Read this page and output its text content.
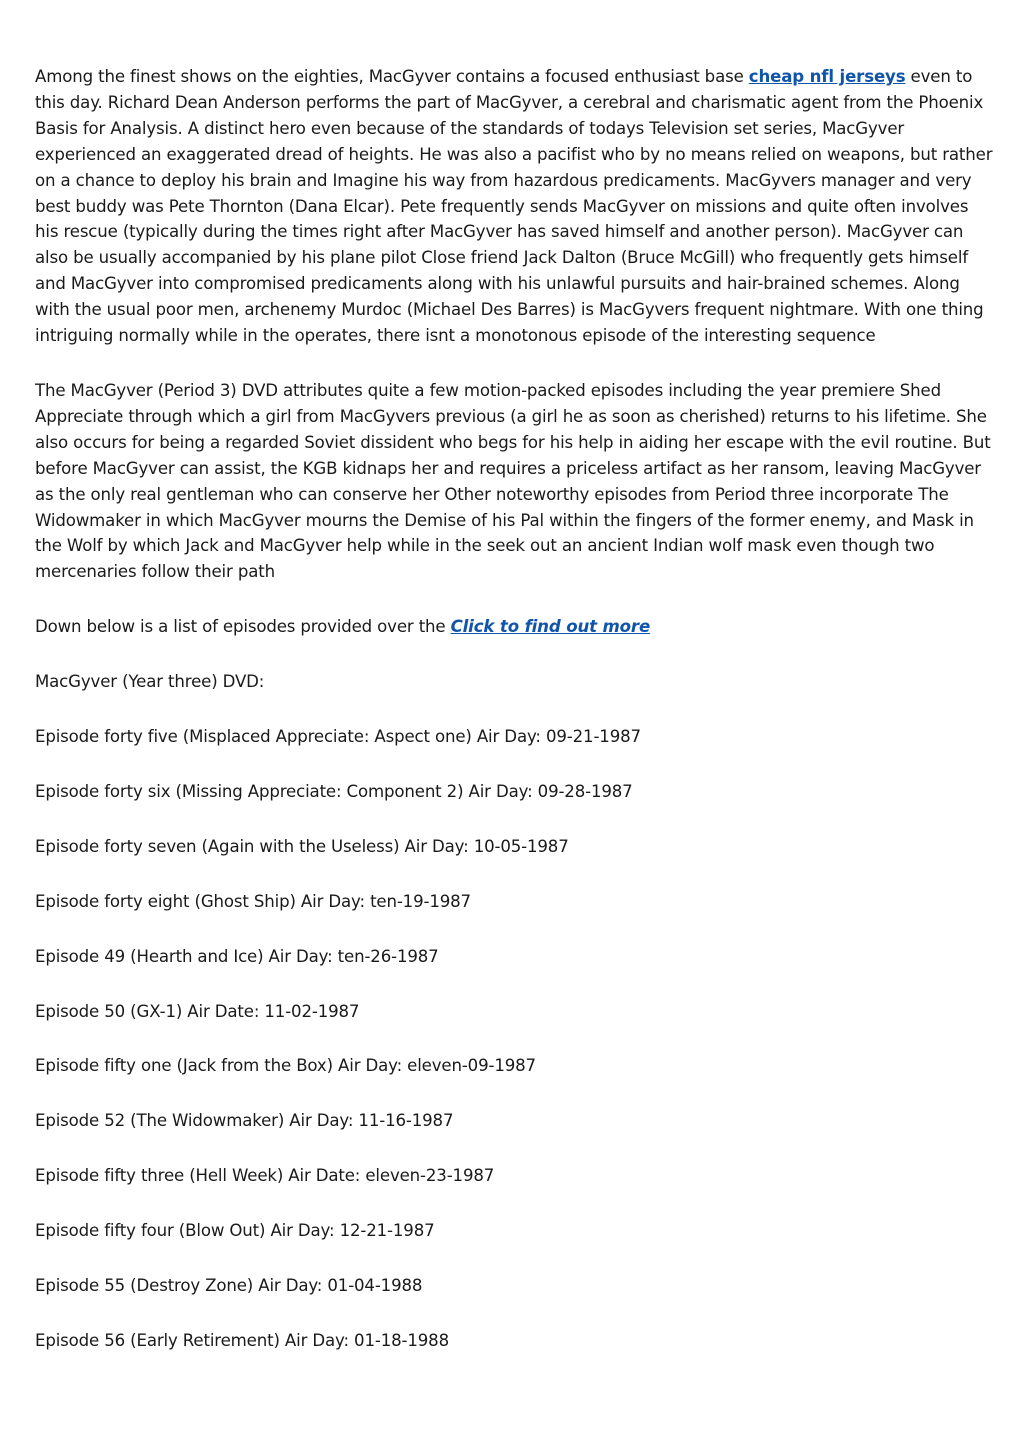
Among the finest shows on the eighties, MacGyver contains a focused enthusiast base cheap nfl jerseys even to this day. Richard Dean Anderson performs the part of MacGyver, a cerebral and charismatic agent from the Phoenix Basis for Analysis. A distinct hero even because of the standards of todays Television set series, MacGyver experienced an exaggerated dread of heights. He was also a pacifist who by no means relied on weapons, but rather on a chance to deploy his brain and Imagine his way from hazardous predicaments. MacGyvers manager and very best buddy was Pete Thornton (Dana Elcar). Pete frequently sends MacGyver on missions and quite often involves his rescue (typically during the times right after MacGyver has saved himself and another person). MacGyver can also be usually accompanied by his plane pilot Close friend Jack Dalton (Bruce McGill) who frequently gets himself and MacGyver into compromised predicaments along with his unlawful pursuits and hair-brained schemes. Along with the usual poor men, archenemy Murdoc (Michael Des Barres) is MacGyvers frequent nightmare. With one thing intriguing normally while in the operates, there isnt a monotonous episode of the interesting sequence

The MacGyver (Period 3) DVD attributes quite a few motion-packed episodes including the year premiere Shed Appreciate through which a girl from MacGyvers previous (a girl he as soon as cherished) returns to his lifetime. She also occurs for being a regarded Soviet dissident who begs for his help in aiding her escape with the evil routine. But before MacGyver can assist, the KGB kidnaps her and requires a priceless artifact as her ransom, leaving MacGyver as the only real gentleman who can conserve her Other noteworthy episodes from Period three incorporate The Widowmaker in which MacGyver mourns the Demise of his Pal within the fingers of the former enemy, and Mask in the Wolf by which Jack and MacGyver help while in the seek out an ancient Indian wolf mask even though two mercenaries follow their path

Down below is a list of episodes provided over the Click to find out more

MacGyver (Year three) DVD:

Episode forty five (Misplaced Appreciate: Aspect one) Air Day: 09-21-1987

Episode forty six (Missing Appreciate: Component 2) Air Day: 09-28-1987

Episode forty seven (Again with the Useless) Air Day: 10-05-1987

Episode forty eight (Ghost Ship) Air Day: ten-19-1987

Episode 49 (Hearth and Ice) Air Day: ten-26-1987

Episode 50 (GX-1) Air Date: 11-02-1987

Episode fifty one (Jack from the Box) Air Day: eleven-09-1987

Episode 52 (The Widowmaker) Air Day: 11-16-1987

Episode fifty three (Hell Week) Air Date: eleven-23-1987

Episode fifty four (Blow Out) Air Day: 12-21-1987

Episode 55 (Destroy Zone) Air Day: 01-04-1988

Episode 56 (Early Retirement) Air Day: 01-18-1988
